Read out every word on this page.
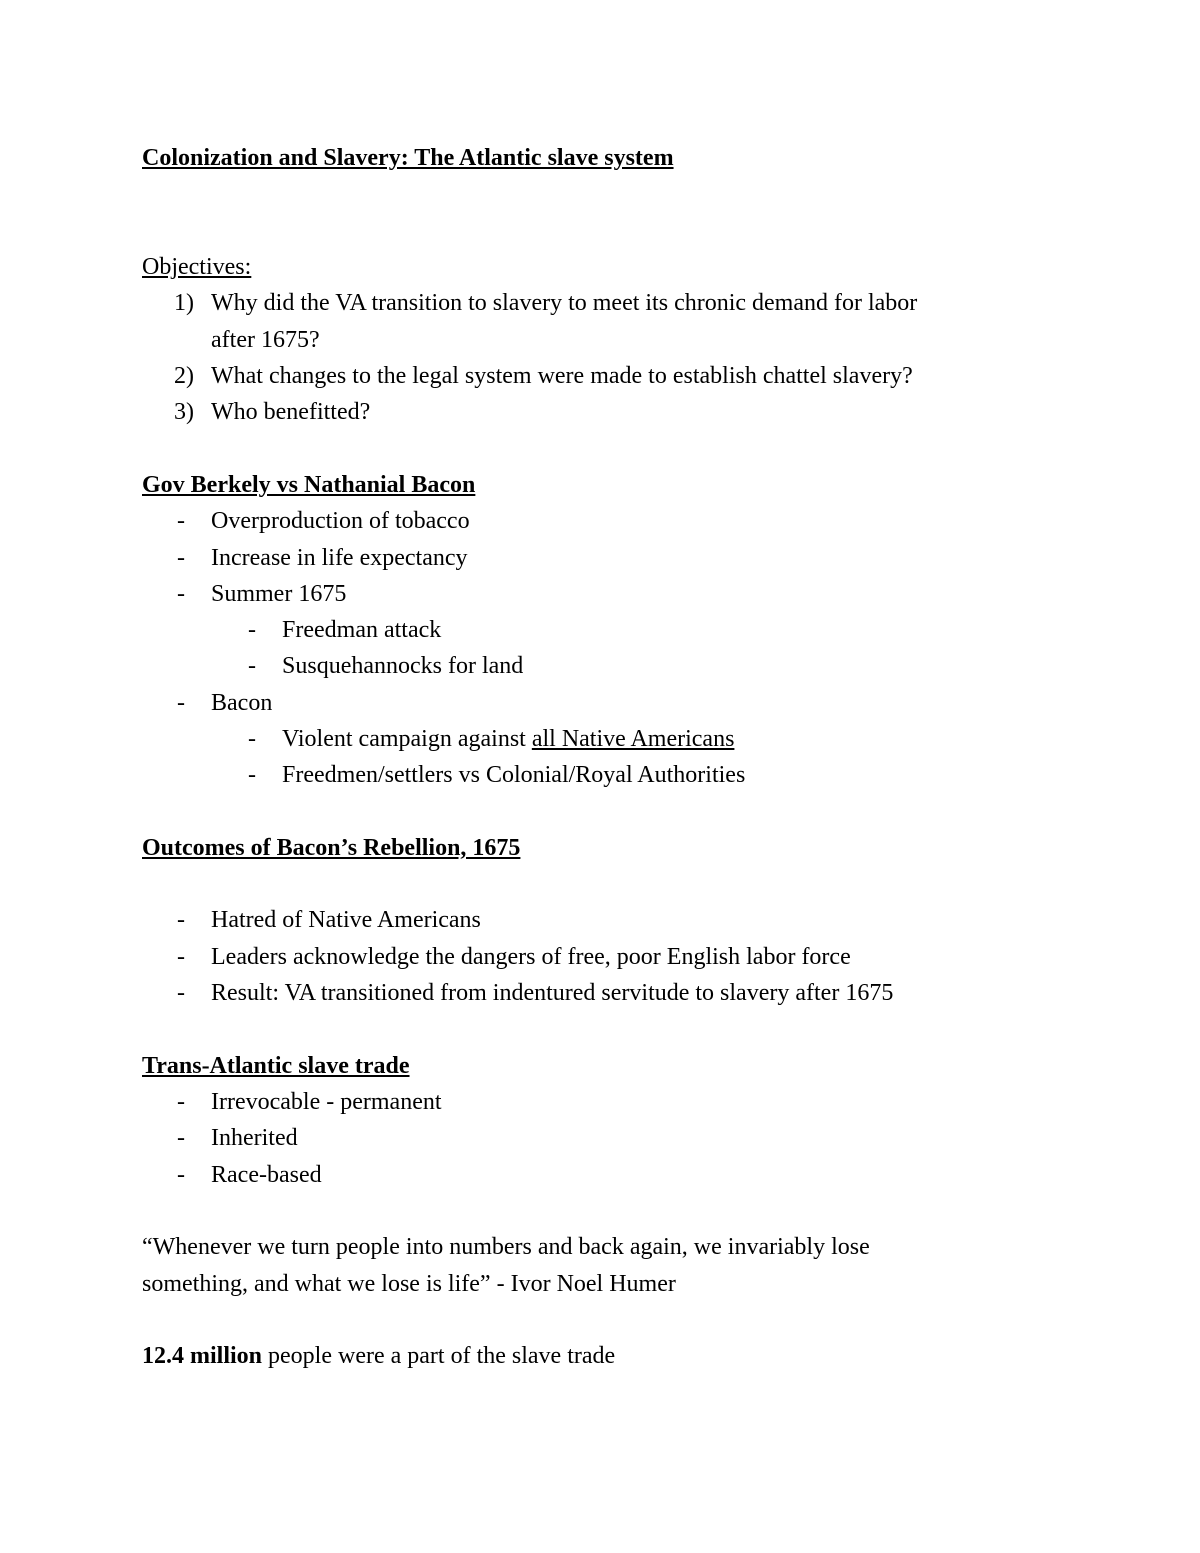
Colonization and Slavery: The Atlantic slave system
Objectives:
1) Why did the VA transition to slavery to meet its chronic demand for labor
after 1675?
2) What changes to the legal system were made to establish chattel slavery?
3) Who benefitted?
Gov Berkely vs Nathanial Bacon
- Overproduction of tobacco
- Increase in life expectancy
- Summer 1675
- Freedman attack
- Susquehannocks for land
- Bacon
- Violent campaign against all Native Americans
- Freedmen/settlers vs Colonial/Royal Authorities
Outcomes of Bacon’s Rebellion, 1675
- Hatred of Native Americans
- Leaders acknowledge the dangers of free, poor English labor force
- Result: VA transitioned from indentured servitude to slavery after 1675
Trans-Atlantic slave trade
- Irrevocable - permanent
- Inherited
- Race-based
“Whenever we turn people into numbers and back again, we invariably lose
something, and what we lose is life” - Ivor Noel Humer
12.4 million people were a part of the slave trade
